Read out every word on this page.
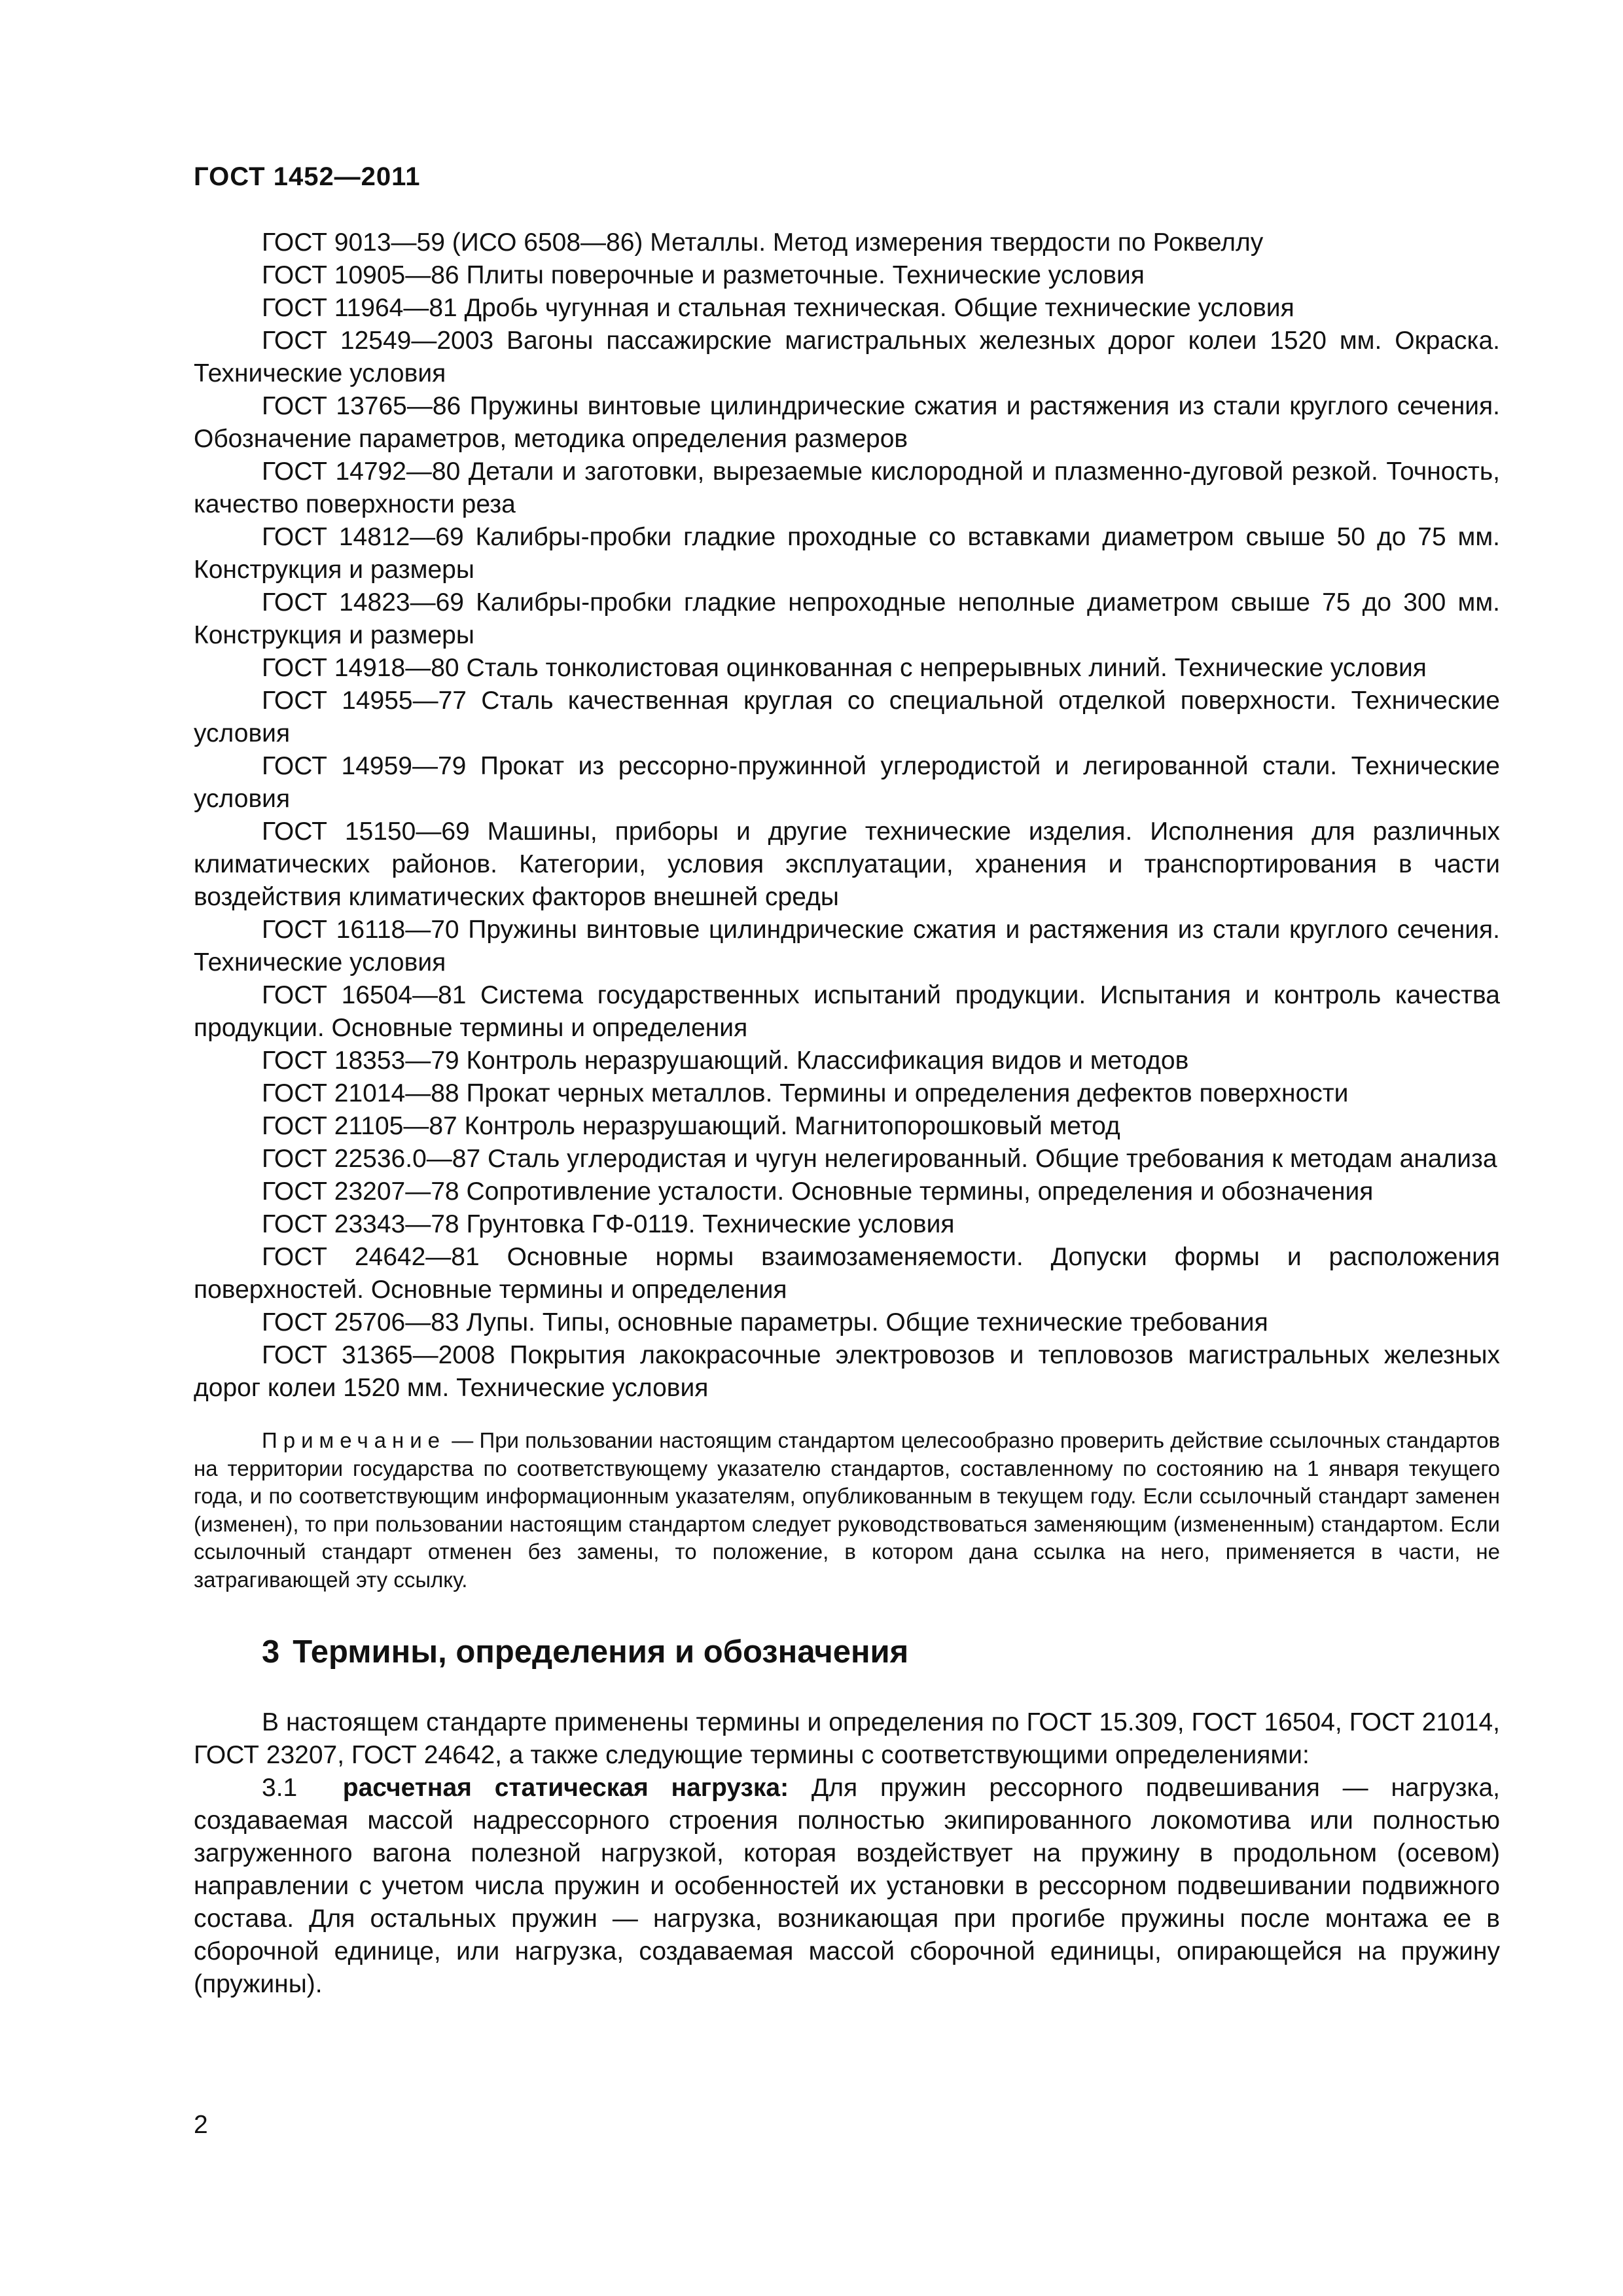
ГОСТ 1452—2011

ГОСТ 9013—59 (ИСО 6508—86) Металлы. Метод измерения твердости по Роквеллу

ГОСТ 10905—86 Плиты поверочные и разметочные. Технические условия

ГОСТ 11964—81 Дробь чугунная и стальная техническая. Общие технические условия

ГОСТ 12549—2003 Вагоны пассажирские магистральных железных дорог колеи 1520 мм. Окраска. Технические условия

ГОСТ 13765—86 Пружины винтовые цилиндрические сжатия и растяжения из стали круглого сечения. Обозначение параметров, методика определения размеров

ГОСТ 14792—80 Детали и заготовки, вырезаемые кислородной и плазменно-дуговой резкой. Точность, качество поверхности реза

ГОСТ 14812—69 Калибры-пробки гладкие проходные со вставками диаметром свыше 50 до 75 мм. Конструкция и размеры

ГОСТ 14823—69 Калибры-пробки гладкие непроходные неполные диаметром свыше 75 до 300 мм. Конструкция и размеры

ГОСТ 14918—80 Сталь тонколистовая оцинкованная с непрерывных линий. Технические условия

ГОСТ 14955—77 Сталь качественная круглая со специальной отделкой поверхности. Технические условия

ГОСТ 14959—79 Прокат из рессорно-пружинной углеродистой и легированной стали. Технические условия

ГОСТ 15150—69 Машины, приборы и другие технические изделия. Исполнения для различных климатических районов. Категории, условия эксплуатации, хранения и транспортирования в части воздействия климатических факторов внешней среды

ГОСТ 16118—70 Пружины винтовые цилиндрические сжатия и растяжения из стали круглого сечения. Технические условия

ГОСТ 16504—81 Система государственных испытаний продукции. Испытания и контроль качества продукции. Основные термины и определения

ГОСТ 18353—79 Контроль неразрушающий. Классификация видов и методов

ГОСТ 21014—88 Прокат черных металлов. Термины и определения дефектов поверхности

ГОСТ 21105—87 Контроль неразрушающий. Магнитопорошковый метод

ГОСТ 22536.0—87 Сталь углеродистая и чугун нелегированный. Общие требования к методам анализа

ГОСТ 23207—78 Сопротивление усталости. Основные термины, определения и обозначения

ГОСТ 23343—78 Грунтовка ГФ-0119. Технические условия

ГОСТ 24642—81 Основные нормы взаимозаменяемости. Допуски формы и расположения поверхностей. Основные термины и определения

ГОСТ 25706—83 Лупы. Типы, основные параметры. Общие технические требования

ГОСТ 31365—2008 Покрытия лакокрасочные электровозов и тепловозов магистральных железных дорог колеи 1520 мм. Технические условия

Примечание — При пользовании настоящим стандартом целесообразно проверить действие ссылочных стандартов на территории государства по соответствующему указателю стандартов, составленному по состоянию на 1 января текущего года, и по соответствующим информационным указателям, опубликованным в текущем году. Если ссылочный стандарт заменен (изменен), то при пользовании настоящим стандартом следует руководствоваться заменяющим (измененным) стандартом. Если ссылочный стандарт отменен без замены, то положение, в котором дана ссылка на него, применяется в части, не затрагивающей эту ссылку.

3 Термины, определения и обозначения

В настоящем стандарте применены термины и определения по ГОСТ 15.309, ГОСТ 16504, ГОСТ 21014, ГОСТ 23207, ГОСТ 24642, а также следующие термины с соответствующими определениями:

3.1 расчетная статическая нагрузка: Для пружин рессорного подвешивания — нагрузка, создаваемая массой надрессорного строения полностью экипированного локомотива или полностью загруженного вагона полезной нагрузкой, которая воздействует на пружину в продольном (осевом) направлении с учетом числа пружин и особенностей их установки в рессорном подвешивании подвижного состава. Для остальных пружин — нагрузка, возникающая при прогибе пружины после монтажа ее в сборочной единице, или нагрузка, создаваемая массой сборочной единицы, опирающейся на пружину (пружины).

2
